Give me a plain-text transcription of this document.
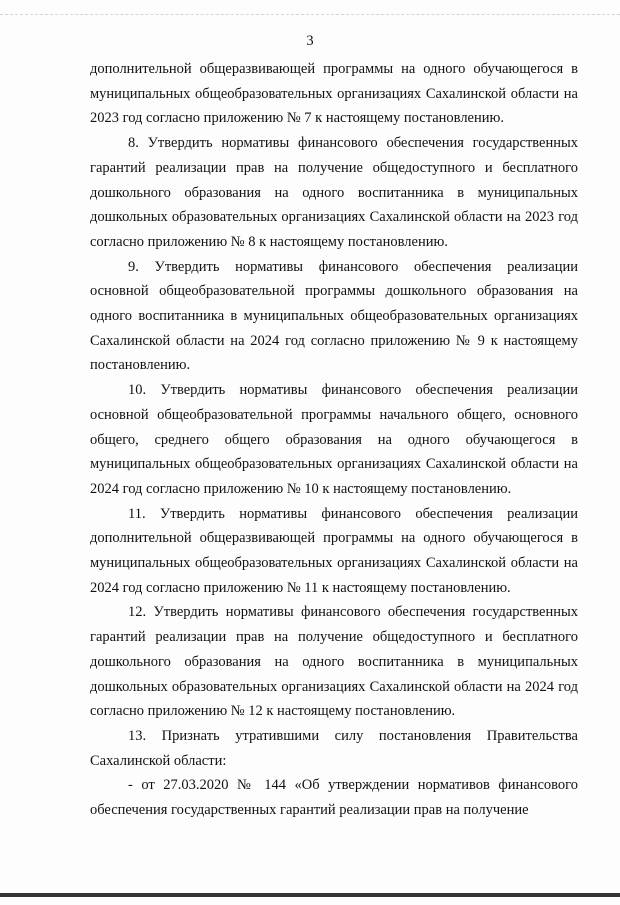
3

дополнительной общеразвивающей программы на одного обучающегося в муниципальных общеобразовательных организациях Сахалинской области на 2023 год согласно приложению № 7 к настоящему постановлению.

8. Утвердить нормативы финансового обеспечения государственных гарантий реализации прав на получение общедоступного и бесплатного дошкольного образования на одного воспитанника в муниципальных дошкольных образовательных организациях Сахалинской области на 2023 год согласно приложению № 8 к настоящему постановлению.

9. Утвердить нормативы финансового обеспечения реализации основной общеобразовательной программы дошкольного образования на одного воспитанника в муниципальных общеобразовательных организациях Сахалинской области на 2024 год согласно приложению № 9 к настоящему постановлению.

10. Утвердить нормативы финансового обеспечения реализации основной общеобразовательной программы начального общего, основного общего, среднего общего образования на одного обучающегося в муниципальных общеобразовательных организациях Сахалинской области на 2024 год согласно приложению № 10 к настоящему постановлению.

11. Утвердить нормативы финансового обеспечения реализации дополнительной общеразвивающей программы на одного обучающегося в муниципальных общеобразовательных организациях Сахалинской области на 2024 год согласно приложению № 11 к настоящему постановлению.

12. Утвердить нормативы финансового обеспечения государственных гарантий реализации прав на получение общедоступного и бесплатного дошкольного образования на одного воспитанника в муниципальных дошкольных образовательных организациях Сахалинской области на 2024 год согласно приложению № 12 к настоящему постановлению.

13. Признать утратившими силу постановления Правительства Сахалинской области:

- от 27.03.2020 № 144 «Об утверждении нормативов финансового обеспечения государственных гарантий реализации прав на получение
